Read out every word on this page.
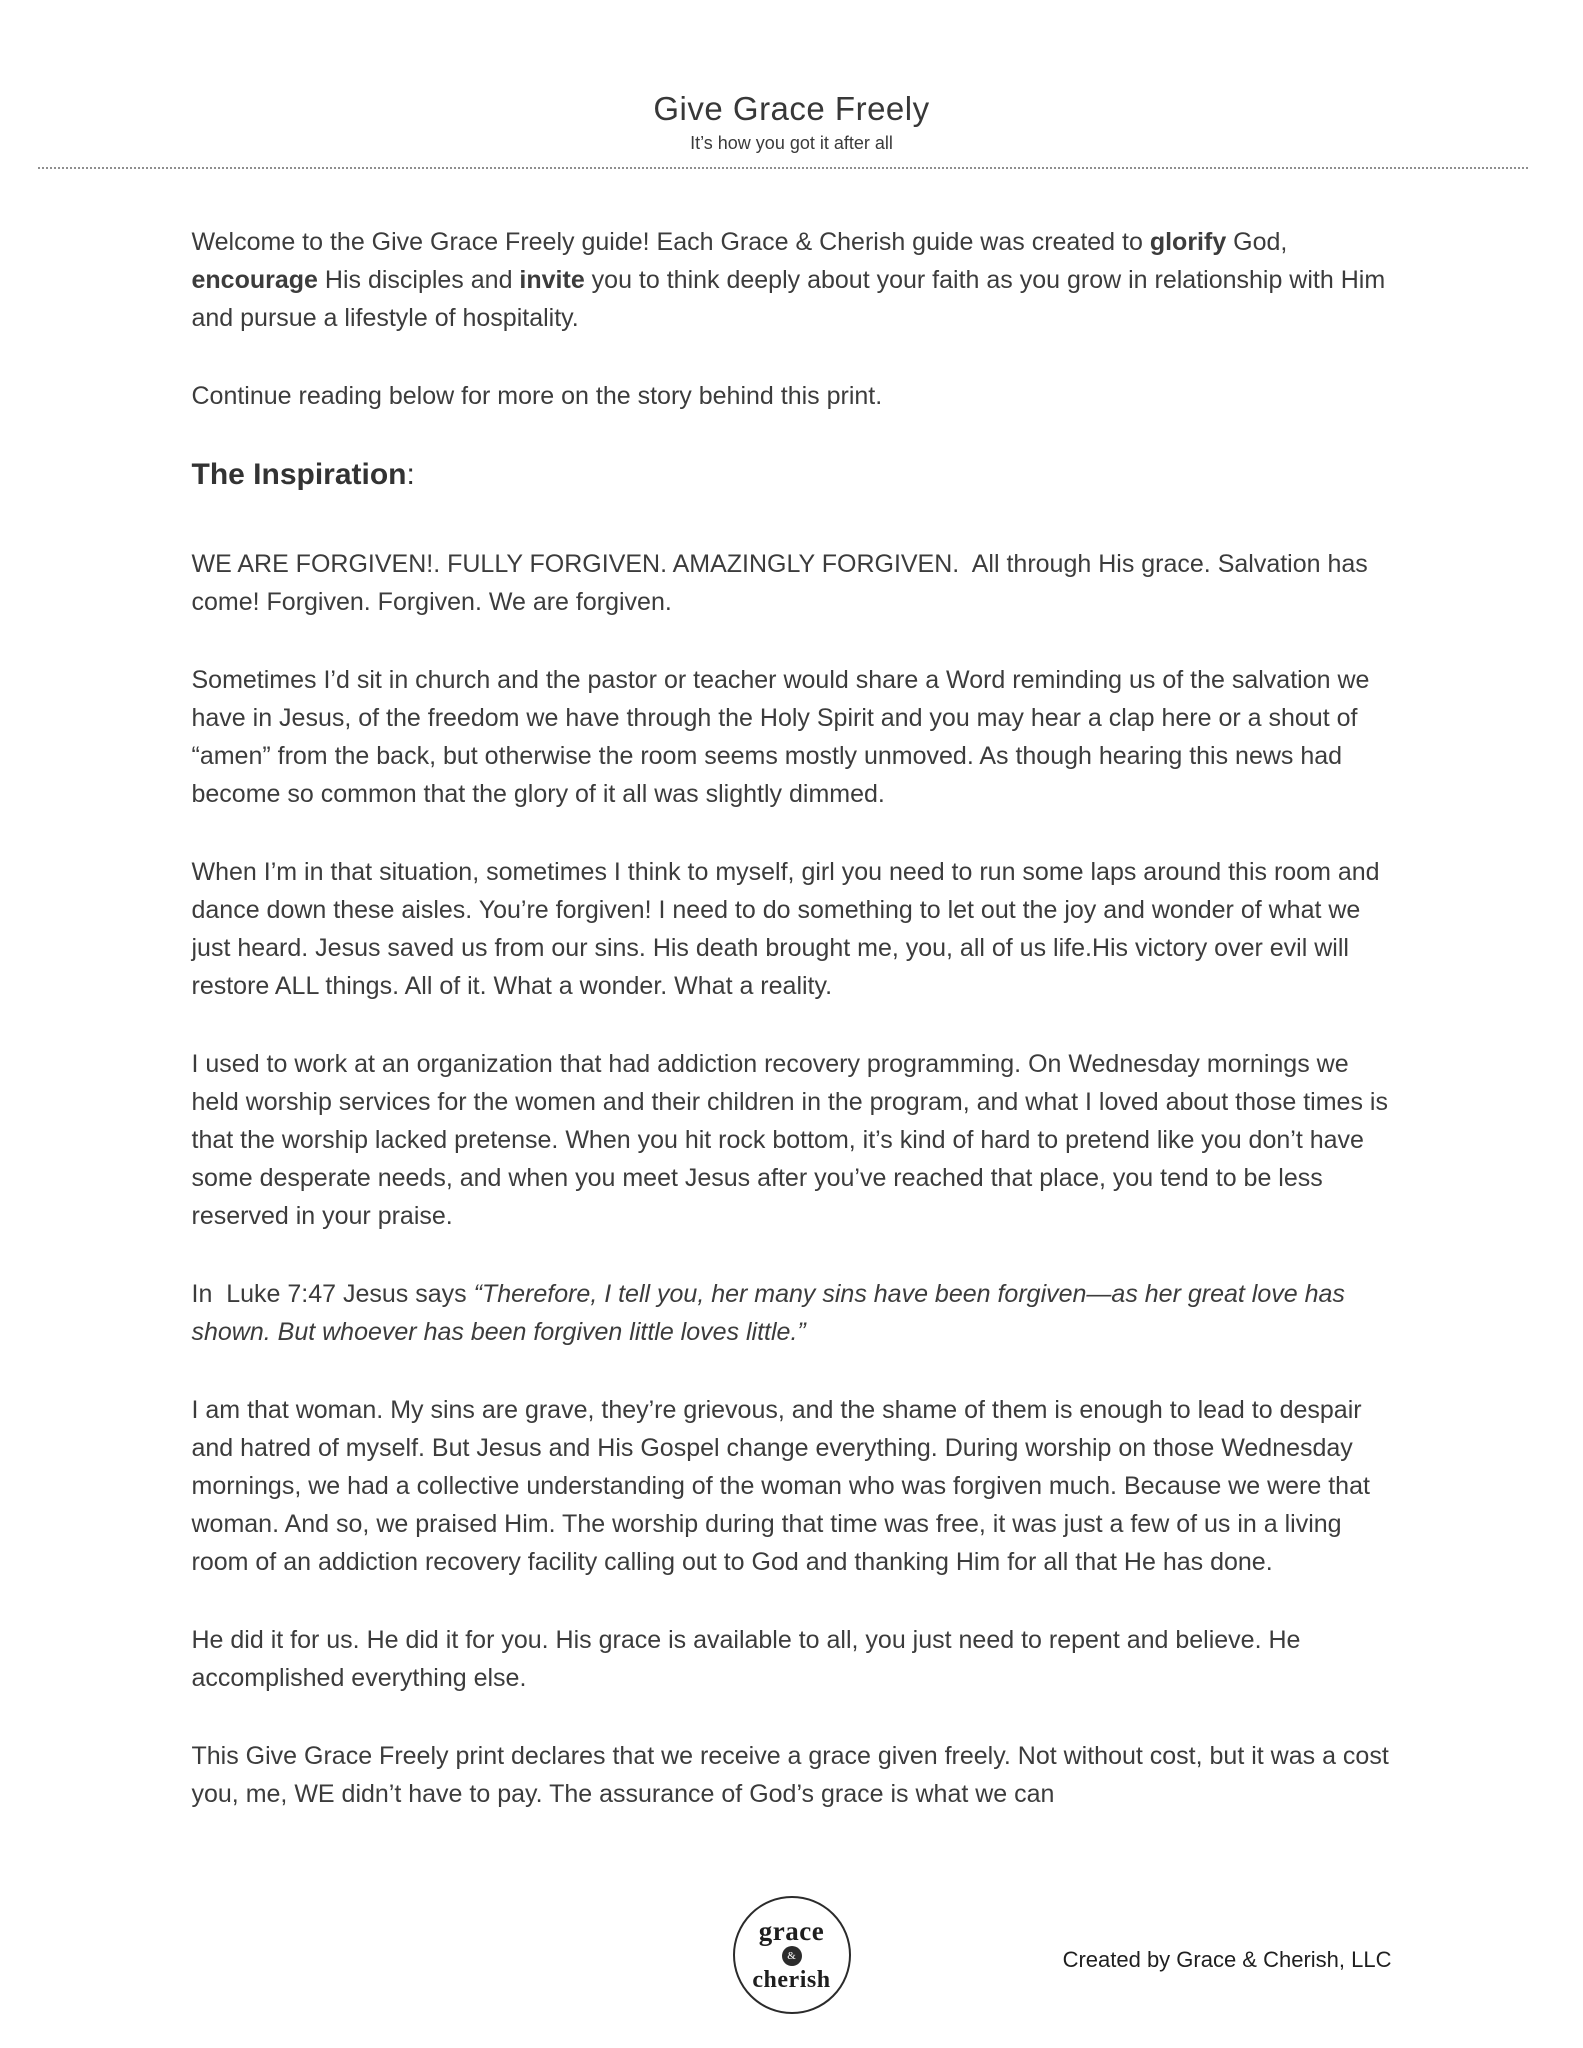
Give Grace Freely
It’s how you got it after all

Welcome to the Give Grace Freely guide! Each Grace & Cherish guide was created to glorify God, encourage His disciples and invite you to think deeply about your faith as you grow in relationship with Him and pursue a lifestyle of hospitality.

Continue reading below for more on the story behind this print.

The Inspiration:

WE ARE FORGIVEN!. FULLY FORGIVEN. AMAZINGLY FORGIVEN.  All through His grace. Salvation has come! Forgiven. Forgiven. We are forgiven.

Sometimes I’d sit in church and the pastor or teacher would share a Word reminding us of the salvation we have in Jesus, of the freedom we have through the Holy Spirit and you may hear a clap here or a shout of “amen” from the back, but otherwise the room seems mostly unmoved. As though hearing this news had become so common that the glory of it all was slightly dimmed.

When I’m in that situation, sometimes I think to myself, girl you need to run some laps around this room and dance down these aisles. You’re forgiven! I need to do something to let out the joy and wonder of what we just heard. Jesus saved us from our sins. His death brought me, you, all of us life.His victory over evil will restore ALL things. All of it. What a wonder. What a reality.

I used to work at an organization that had addiction recovery programming. On Wednesday mornings we held worship services for the women and their children in the program, and what I loved about those times is that the worship lacked pretense. When you hit rock bottom, it’s kind of hard to pretend like you don’t have some desperate needs, and when you meet Jesus after you’ve reached that place, you tend to be less reserved in your praise.

In  Luke 7:47 Jesus says “Therefore, I tell you, her many sins have been forgiven—as her great love has shown. But whoever has been forgiven little loves little.”

I am that woman. My sins are grave, they’re grievous, and the shame of them is enough to lead to despair and hatred of myself. But Jesus and His Gospel change everything. During worship on those Wednesday mornings, we had a collective understanding of the woman who was forgiven much. Because we were that woman. And so, we praised Him. The worship during that time was free, it was just a few of us in a living room of an addiction recovery facility calling out to God and thanking Him for all that He has done.

He did it for us. He did it for you. His grace is available to all, you just need to repent and believe. He accomplished everything else.

This Give Grace Freely print declares that we receive a grace given freely. Not without cost, but it was a cost you, me, WE didn’t have to pay. The assurance of God’s grace is what we can

grace
&
cherish
Created by Grace & Cherish, LLC
